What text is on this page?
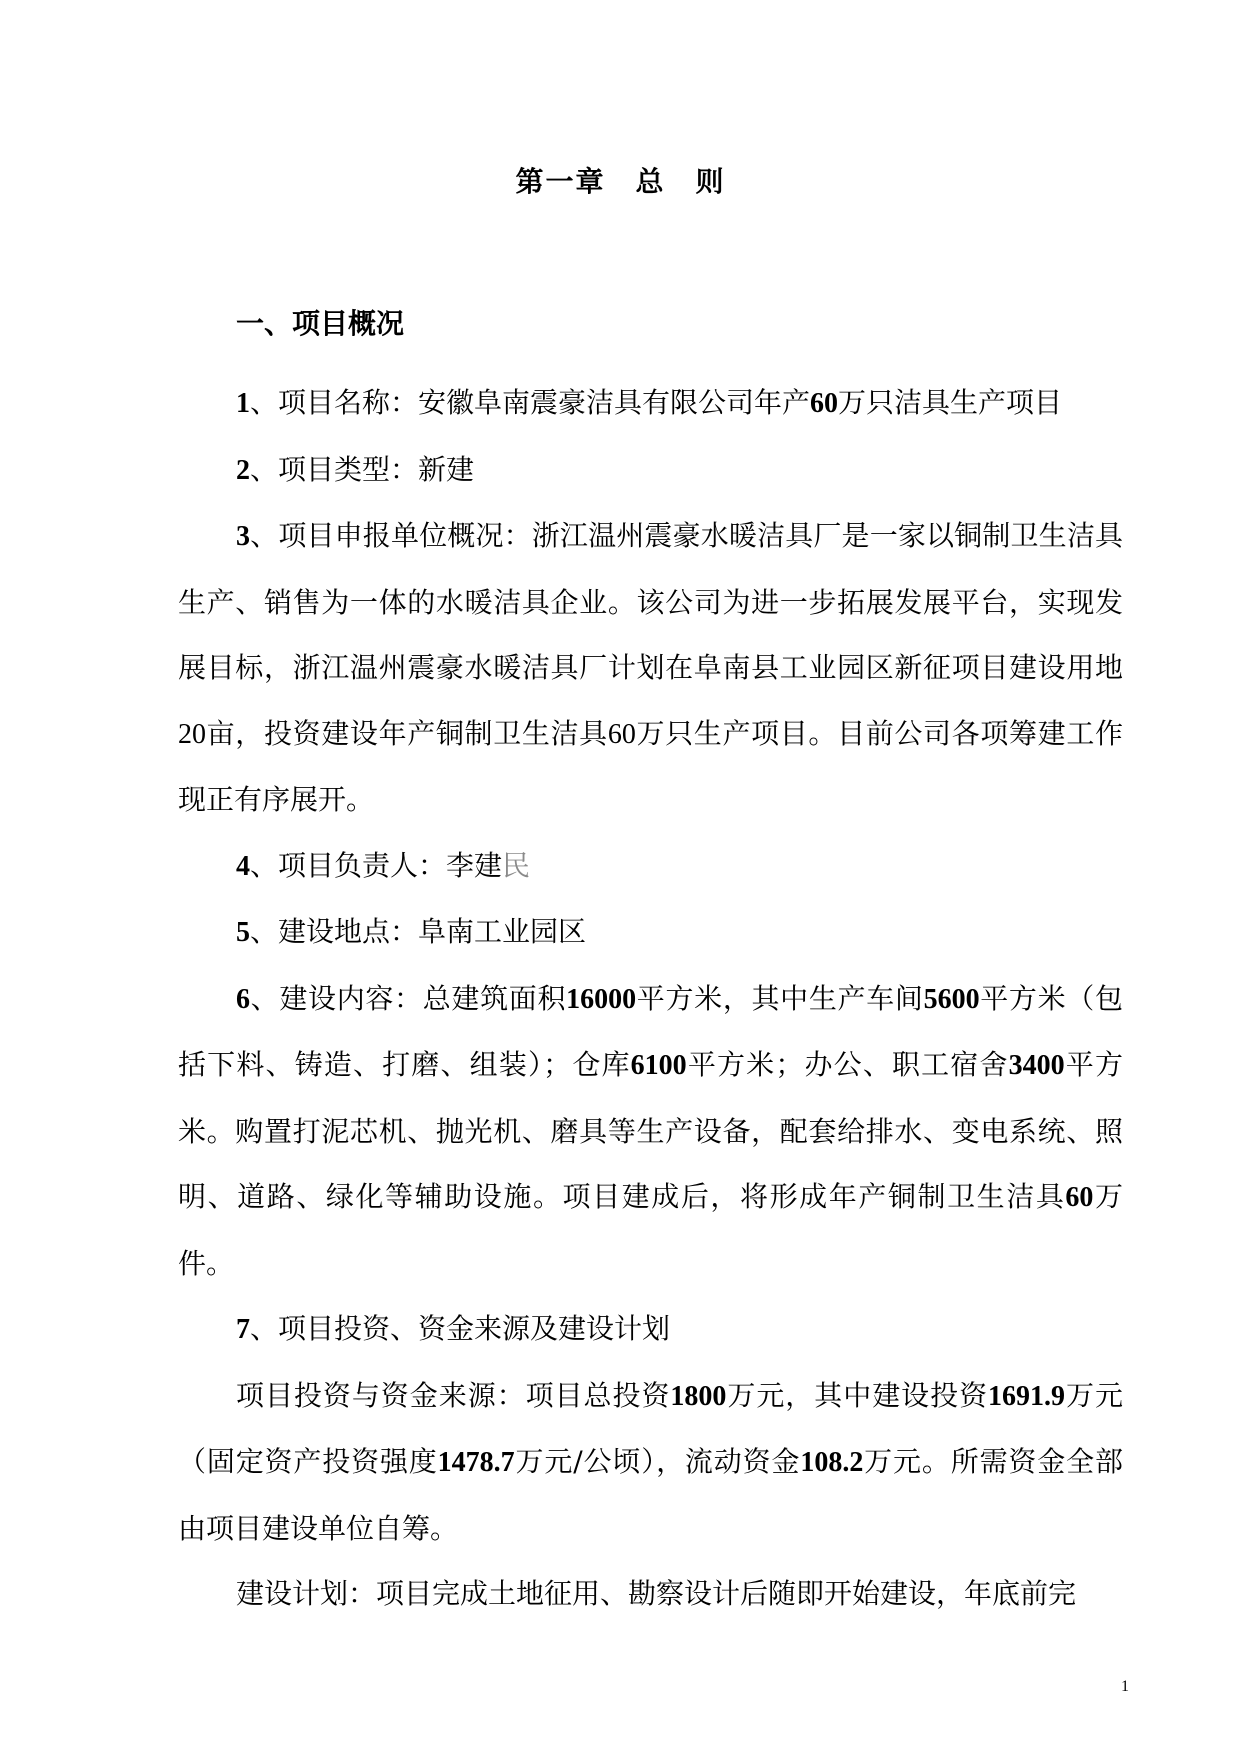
第一章 总 则
一、项目概况

1、项目名称：安徽阜南震豪洁具有限公司年产60万只洁具生产项目

2、项目类型：新建

3、项目申报单位概况：浙江温州震豪水暖洁具厂是一家以铜制卫生洁具生产、销售为一体的水暖洁具企业。该公司为进一步拓展发展平台，实现发展目标，浙江温州震豪水暖洁具厂计划在阜南县工业园区新征项目建设用地20亩，投资建设年产铜制卫生洁具60万只生产项目。目前公司各项筹建工作现正有序展开。

4、项目负责人：李建民

5、建设地点：阜南工业园区

6、建设内容：总建筑面积16000平方米，其中生产车间5600平方米（包括下料、铸造、打磨、组装）；仓库6100平方米；办公、职工宿舍3400平方米。购置打泥芯机、抛光机、磨具等生产设备，配套给排水、变电系统、照明、道路、绿化等辅助设施。项目建成后，将形成年产铜制卫生洁具60万件。

7、项目投资、资金来源及建设计划

项目投资与资金来源：项目总投资1800万元，其中建设投资1691.9万元（固定资产投资强度1478.7万元/公顷），流动资金108.2万元。所需资金全部由项目建设单位自筹。

建设计划：项目完成土地征用、勘察设计后随即开始建设，年底前完

1
